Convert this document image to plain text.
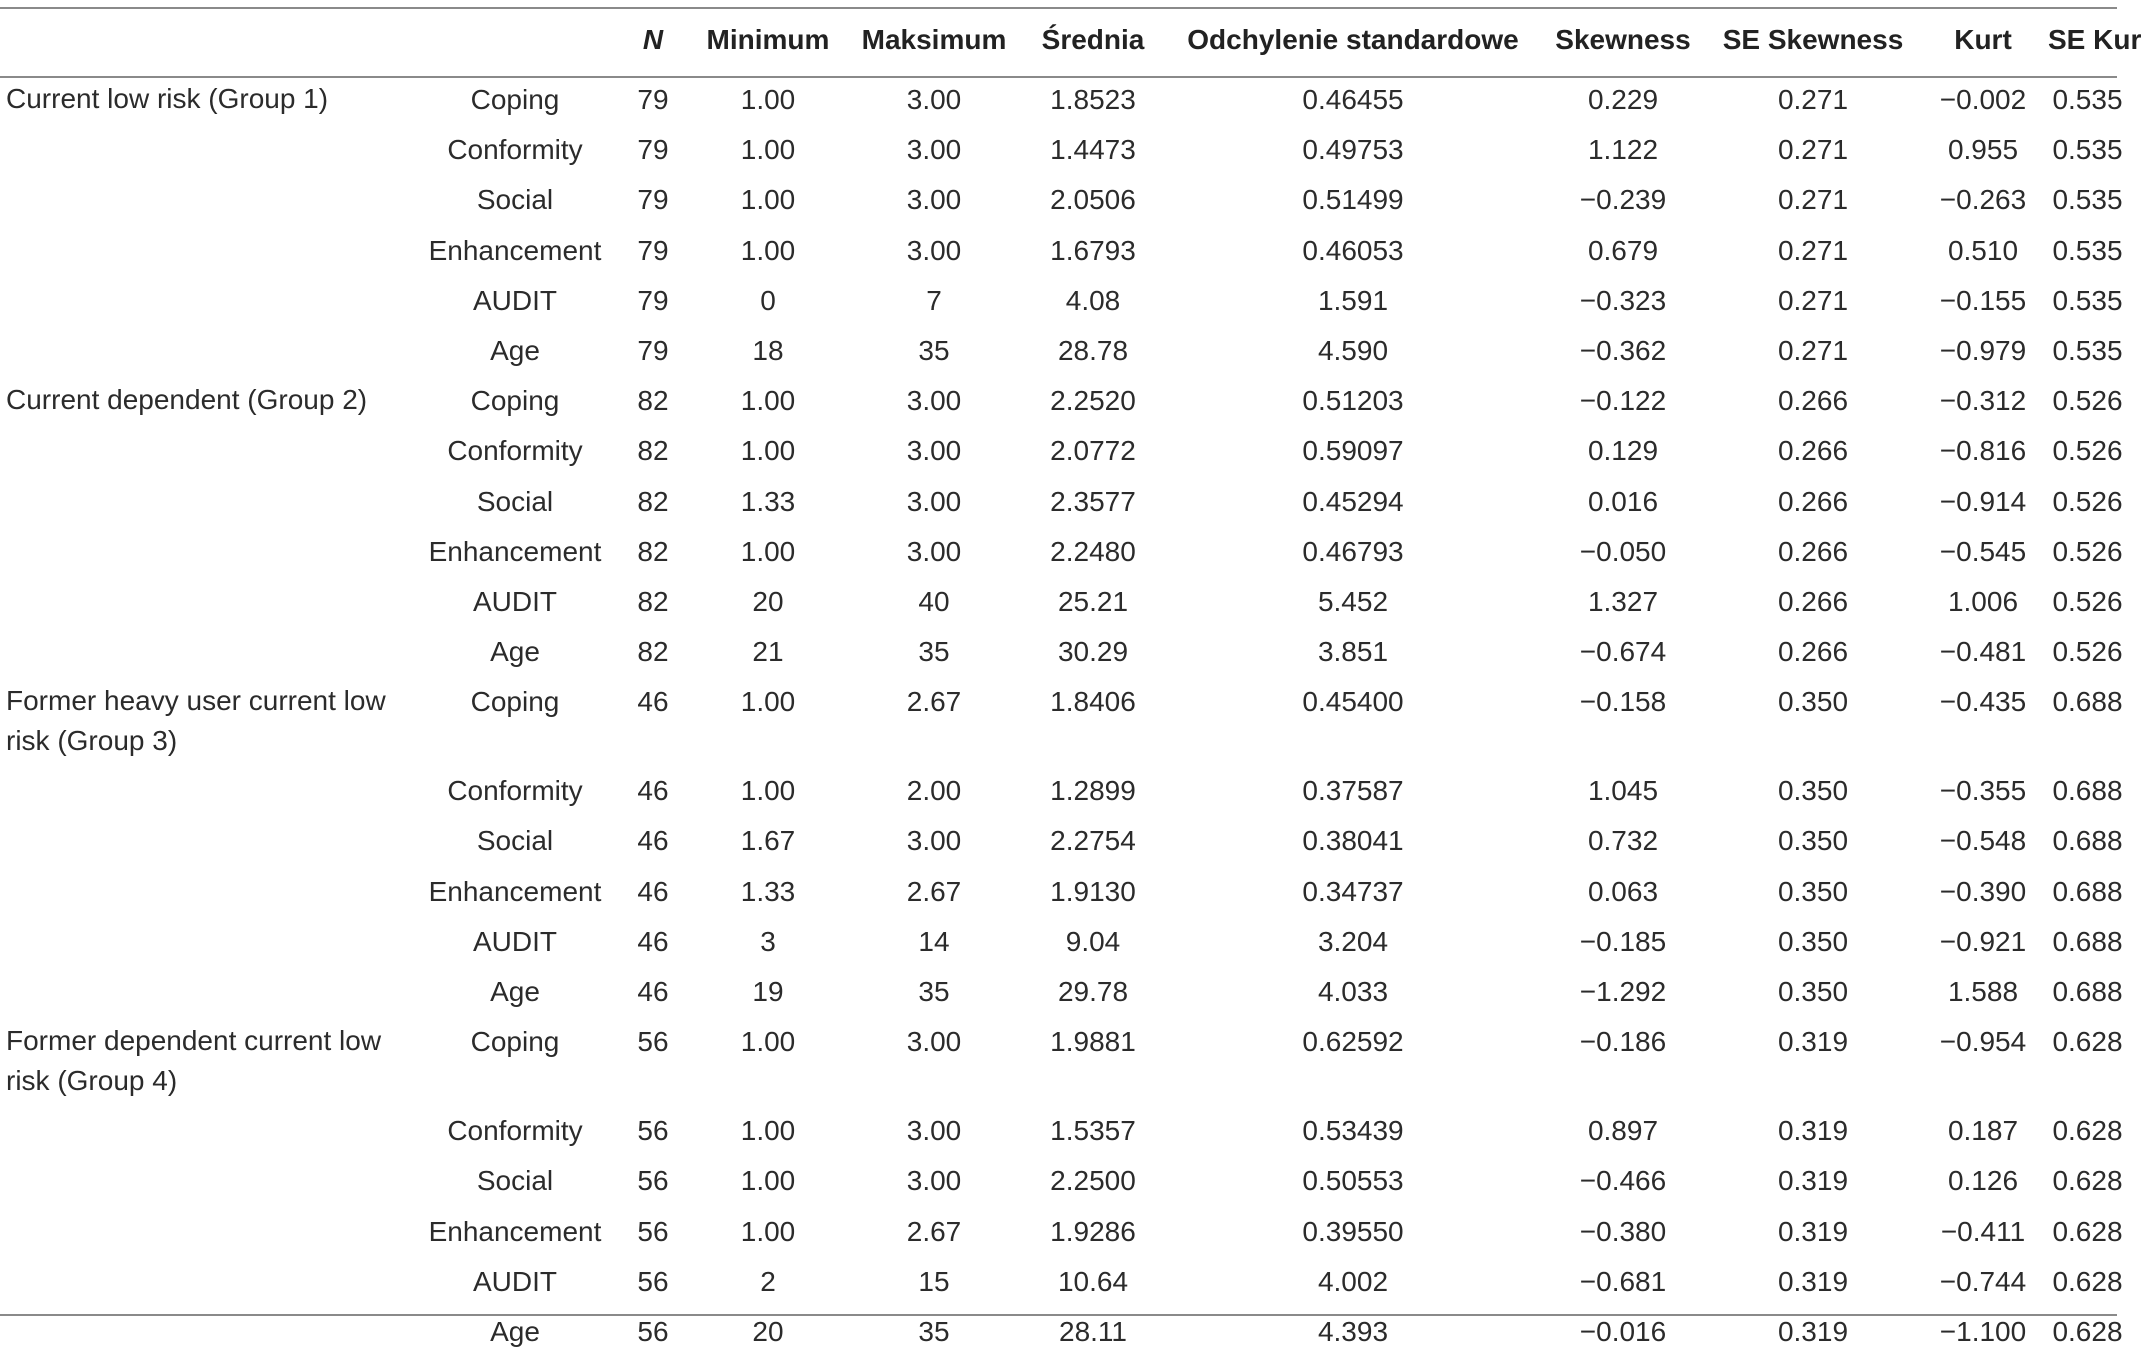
		N	Minimum	Maksimum	Średnia	Odchylenie standardowe	Skewness	SE Skewness	Kurt	SE Kur
Current low risk (Group 1)	Coping	79	1.00	3.00	1.8523	0.46455	0.229	0.271	−0.002	0.535
	Conformity	79	1.00	3.00	1.4473	0.49753	1.122	0.271	0.955	0.535
	Social	79	1.00	3.00	2.0506	0.51499	−0.239	0.271	−0.263	0.535
	Enhancement	79	1.00	3.00	1.6793	0.46053	0.679	0.271	0.510	0.535
	AUDIT	79	0	7	4.08	1.591	−0.323	0.271	−0.155	0.535
	Age	79	18	35	28.78	4.590	−0.362	0.271	−0.979	0.535
Current dependent (Group 2)	Coping	82	1.00	3.00	2.2520	0.51203	−0.122	0.266	−0.312	0.526
	Conformity	82	1.00	3.00	2.0772	0.59097	0.129	0.266	−0.816	0.526
	Social	82	1.33	3.00	2.3577	0.45294	0.016	0.266	−0.914	0.526
	Enhancement	82	1.00	3.00	2.2480	0.46793	−0.050	0.266	−0.545	0.526
	AUDIT	82	20	40	25.21	5.452	1.327	0.266	1.006	0.526
	Age	82	21	35	30.29	3.851	−0.674	0.266	−0.481	0.526
Former heavy user current low risk (Group 3)	Coping	46	1.00	2.67	1.8406	0.45400	−0.158	0.350	−0.435	0.688
	Conformity	46	1.00	2.00	1.2899	0.37587	1.045	0.350	−0.355	0.688
	Social	46	1.67	3.00	2.2754	0.38041	0.732	0.350	−0.548	0.688
	Enhancement	46	1.33	2.67	1.9130	0.34737	0.063	0.350	−0.390	0.688
	AUDIT	46	3	14	9.04	3.204	−0.185	0.350	−0.921	0.688
	Age	46	19	35	29.78	4.033	−1.292	0.350	1.588	0.688
Former dependent current low risk (Group 4)	Coping	56	1.00	3.00	1.9881	0.62592	−0.186	0.319	−0.954	0.628
	Conformity	56	1.00	3.00	1.5357	0.53439	0.897	0.319	0.187	0.628
	Social	56	1.00	3.00	2.2500	0.50553	−0.466	0.319	0.126	0.628
	Enhancement	56	1.00	2.67	1.9286	0.39550	−0.380	0.319	−0.411	0.628
	AUDIT	56	2	15	10.64	4.002	−0.681	0.319	−0.744	0.628
	Age	56	20	35	28.11	4.393	−0.016	0.319	−1.100	0.628
